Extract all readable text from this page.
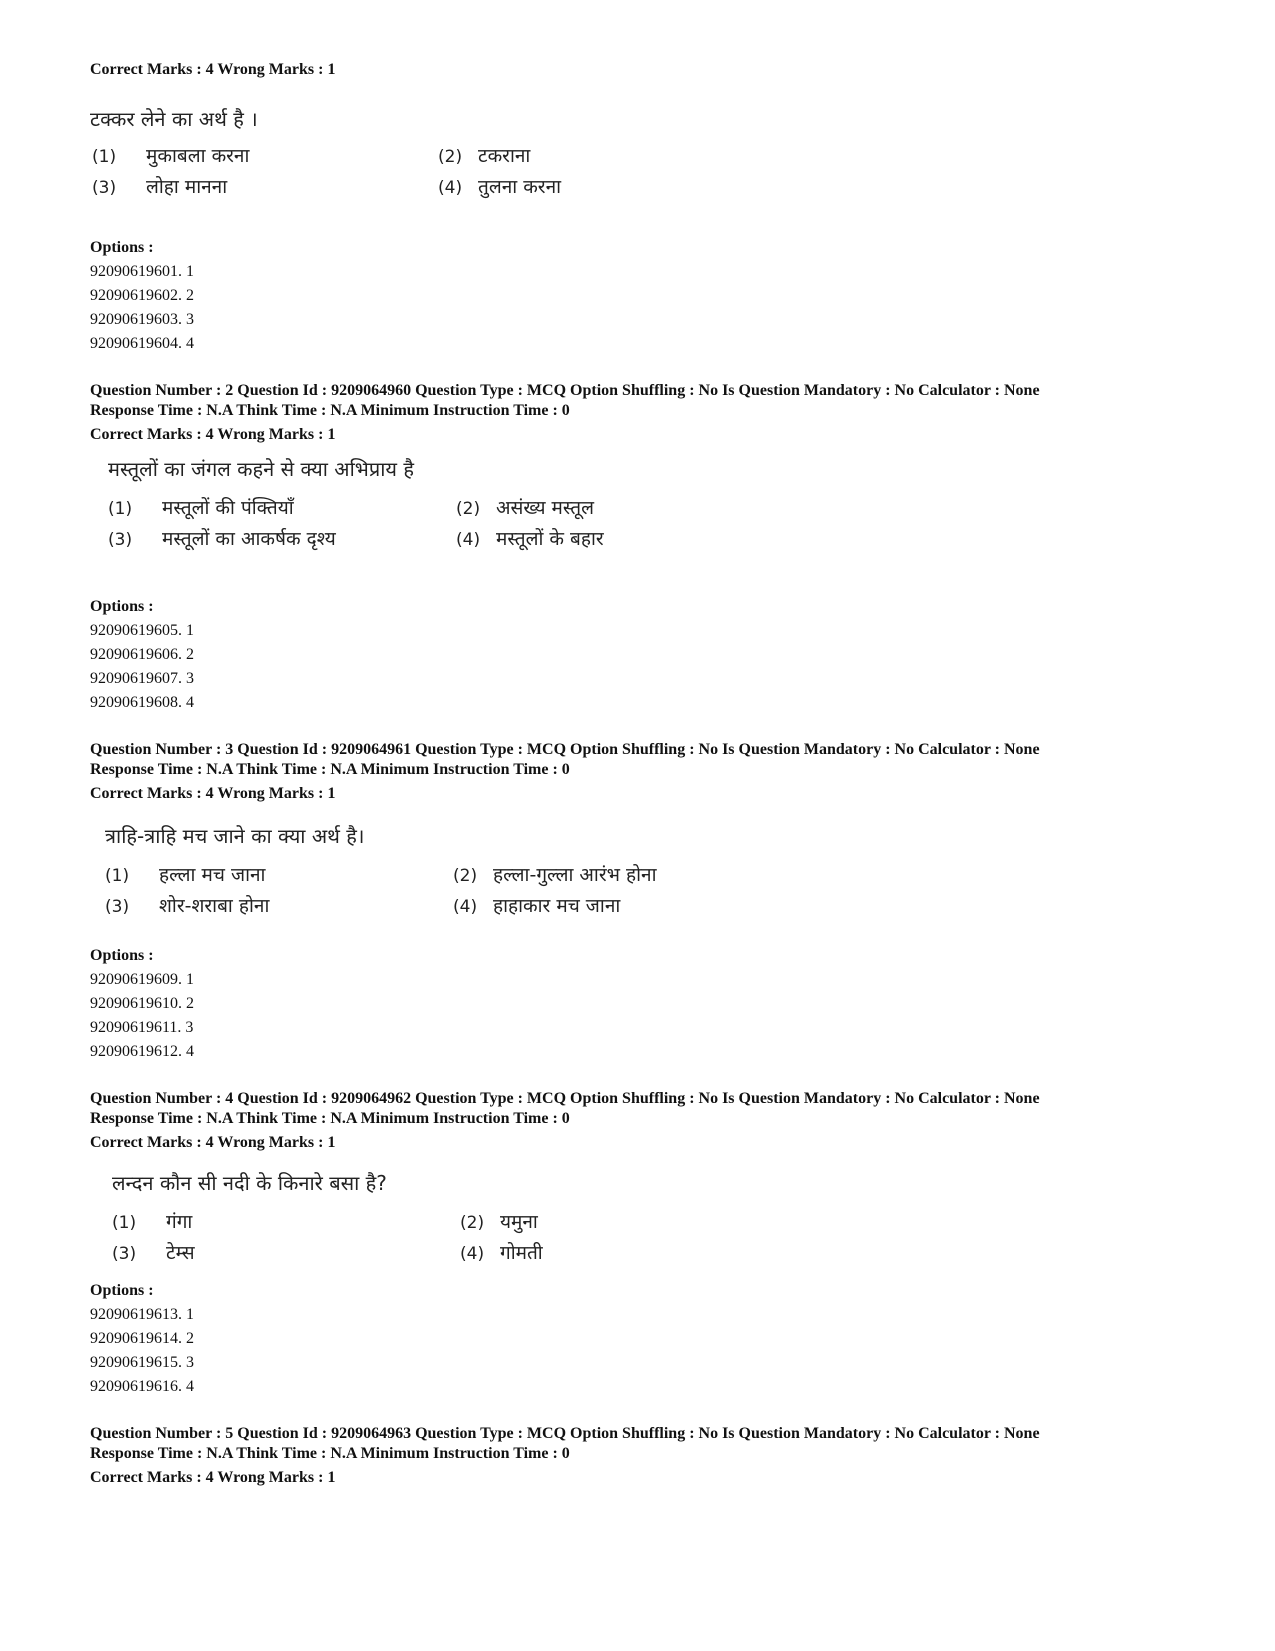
Correct Marks : 4 Wrong Marks : 1
टक्कर लेने का अर्थ है ।
(1) मुकाबला करना	(2) टकराना
(3) लोहा मानना	(4) तुलना करना
Options :
92090619601. 1
92090619602. 2
92090619603. 3
92090619604. 4
Question Number : 2 Question Id : 9209064960 Question Type : MCQ Option Shuffling : No Is Question Mandatory : No Calculator : None
Response Time : N.A Think Time : N.A Minimum Instruction Time : 0
Correct Marks : 4 Wrong Marks : 1
मस्तूलों का जंगल कहने से क्या अभिप्राय है
(1) मस्तूलों की पंक्तियाँ	(2) असंख्य मस्तूल
(3) मस्तूलों का आकर्षक दृश्य	(4) मस्तूलों के बहार
Options :
92090619605. 1
92090619606. 2
92090619607. 3
92090619608. 4
Question Number : 3 Question Id : 9209064961 Question Type : MCQ Option Shuffling : No Is Question Mandatory : No Calculator : None
Response Time : N.A Think Time : N.A Minimum Instruction Time : 0
Correct Marks : 4 Wrong Marks : 1
त्राहि-त्राहि मच जाने का क्या अर्थ है।
(1) हल्ला मच जाना	(2) हल्ला-गुल्ला आरंभ होना
(3) शोर-शराबा होना	(4) हाहाकार मच जाना
Options :
92090619609. 1
92090619610. 2
92090619611. 3
92090619612. 4
Question Number : 4 Question Id : 9209064962 Question Type : MCQ Option Shuffling : No Is Question Mandatory : No Calculator : None
Response Time : N.A Think Time : N.A Minimum Instruction Time : 0
Correct Marks : 4 Wrong Marks : 1
लन्दन कौन सी नदी के किनारे बसा है?
(1) गंगा	(2) यमुना
(3) टेम्स	(4) गोमती
Options :
92090619613. 1
92090619614. 2
92090619615. 3
92090619616. 4
Question Number : 5 Question Id : 9209064963 Question Type : MCQ Option Shuffling : No Is Question Mandatory : No Calculator : None
Response Time : N.A Think Time : N.A Minimum Instruction Time : 0
Correct Marks : 4 Wrong Marks : 1
